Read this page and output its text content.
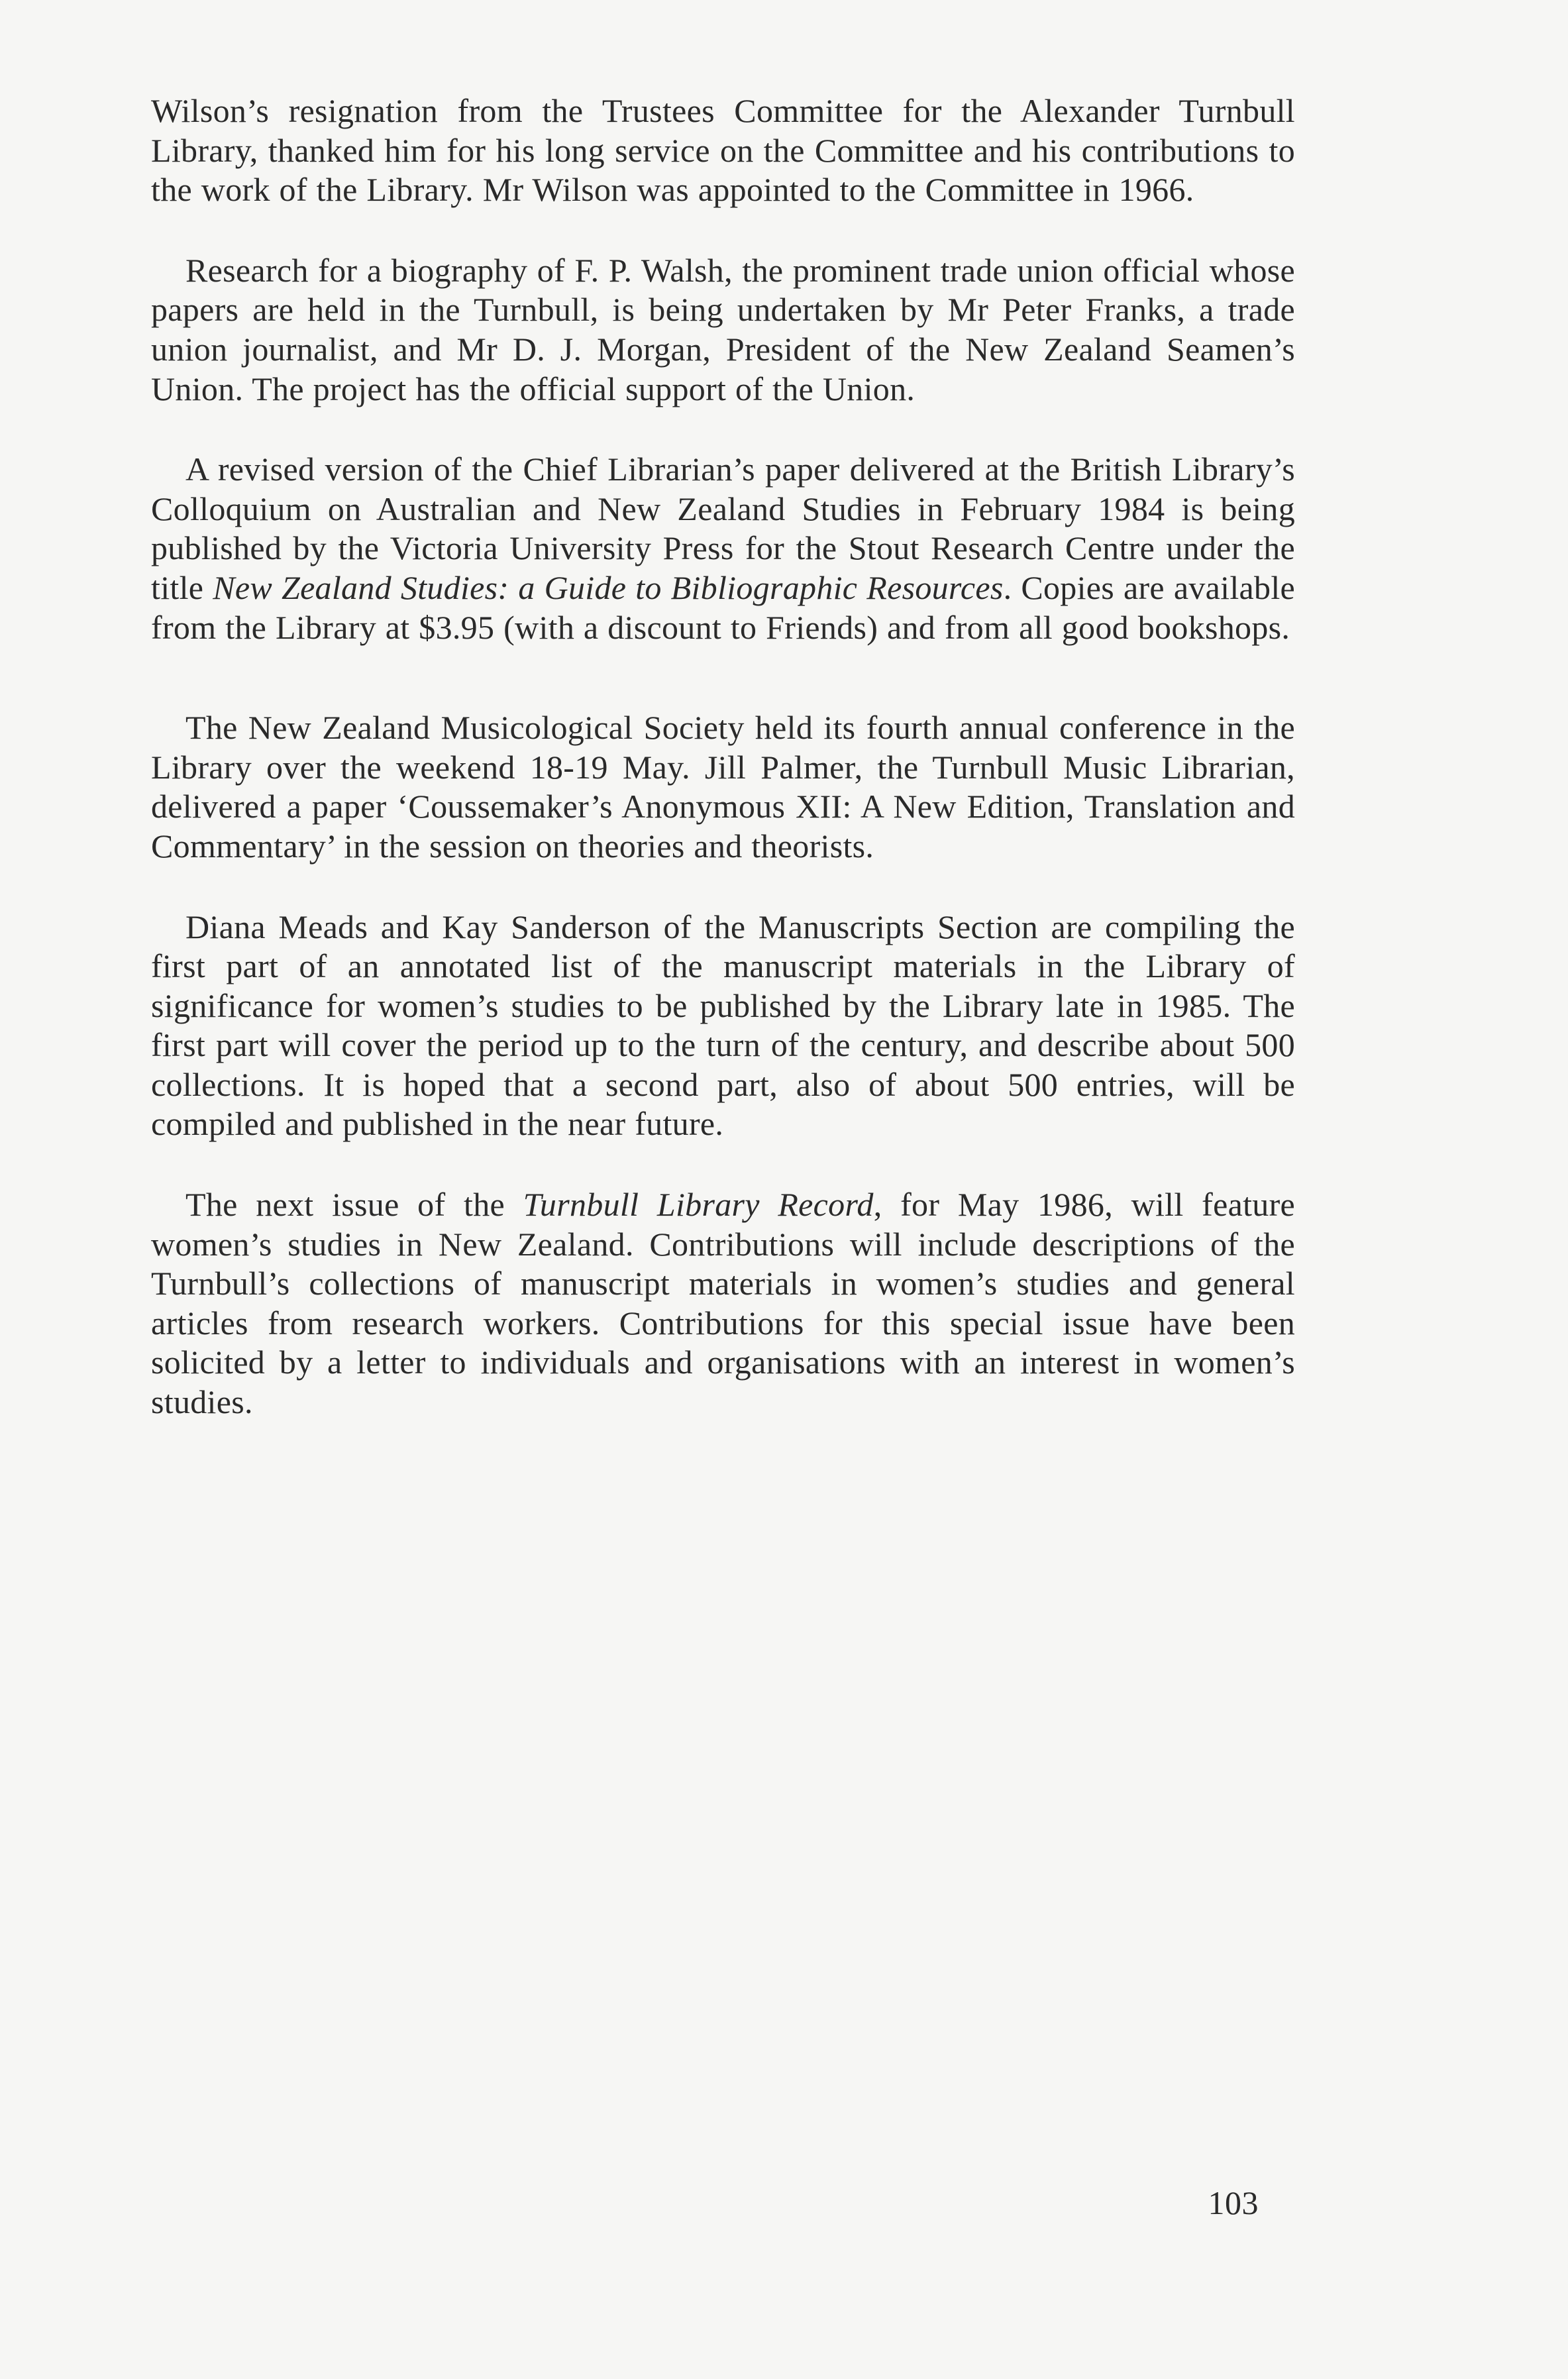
Wilson’s resignation from the Trustees Committee for the Alexander Turnbull Library, thanked him for his long service on the Committee and his contributions to the work of the Library. Mr Wilson was appointed to the Committee in 1966.

Research for a biography of F. P. Walsh, the prominent trade union official whose papers are held in the Turnbull, is being undertaken by Mr Peter Franks, a trade union journalist, and Mr D. J. Morgan, President of the New Zealand Seamen’s Union. The project has the official support of the Union.

A revised version of the Chief Librarian’s paper delivered at the British Library’s Colloquium on Australian and New Zealand Studies in February 1984 is being published by the Victoria University Press for the Stout Research Centre under the title New Zealand Studies: a Guide to Bibliographic Resources. Copies are available from the Library at $3.95 (with a discount to Friends) and from all good bookshops.

The New Zealand Musicological Society held its fourth annual conference in the Library over the weekend 18-19 May. Jill Palmer, the Turnbull Music Librarian, delivered a paper ‘Coussemaker’s Anonymous XII: A New Edition, Translation and Commentary’ in the session on theories and theorists.

Diana Meads and Kay Sanderson of the Manuscripts Section are compiling the first part of an annotated list of the manuscript materials in the Library of significance for women’s studies to be published by the Library late in 1985. The first part will cover the period up to the turn of the century, and describe about 500 collections. It is hoped that a second part, also of about 500 entries, will be compiled and published in the near future.

The next issue of the Turnbull Library Record, for May 1986, will feature women’s studies in New Zealand. Contributions will include descriptions of the Turnbull’s collections of manuscript materials in women’s studies and general articles from research workers. Contributions for this special issue have been solicited by a letter to individuals and organisations with an interest in women’s studies.

103
